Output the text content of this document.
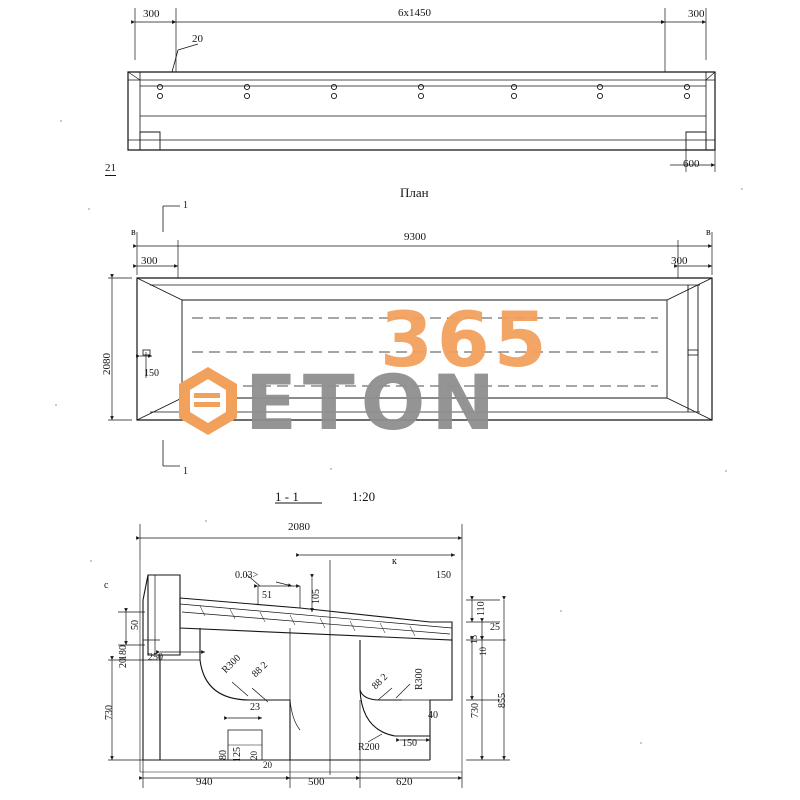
300	6х1450	300
20
600
21
План
1
1
в	в
9300
300	300
2080	150
1 - 1	1:20
2080
к
с
0.03>
51	105
150
110
25
15
10
50
180
20 250
730	730
855
23
80 125 20
20
40
150
940	500	620
R300 88 2
88 2 R300
R200
365
ETON
